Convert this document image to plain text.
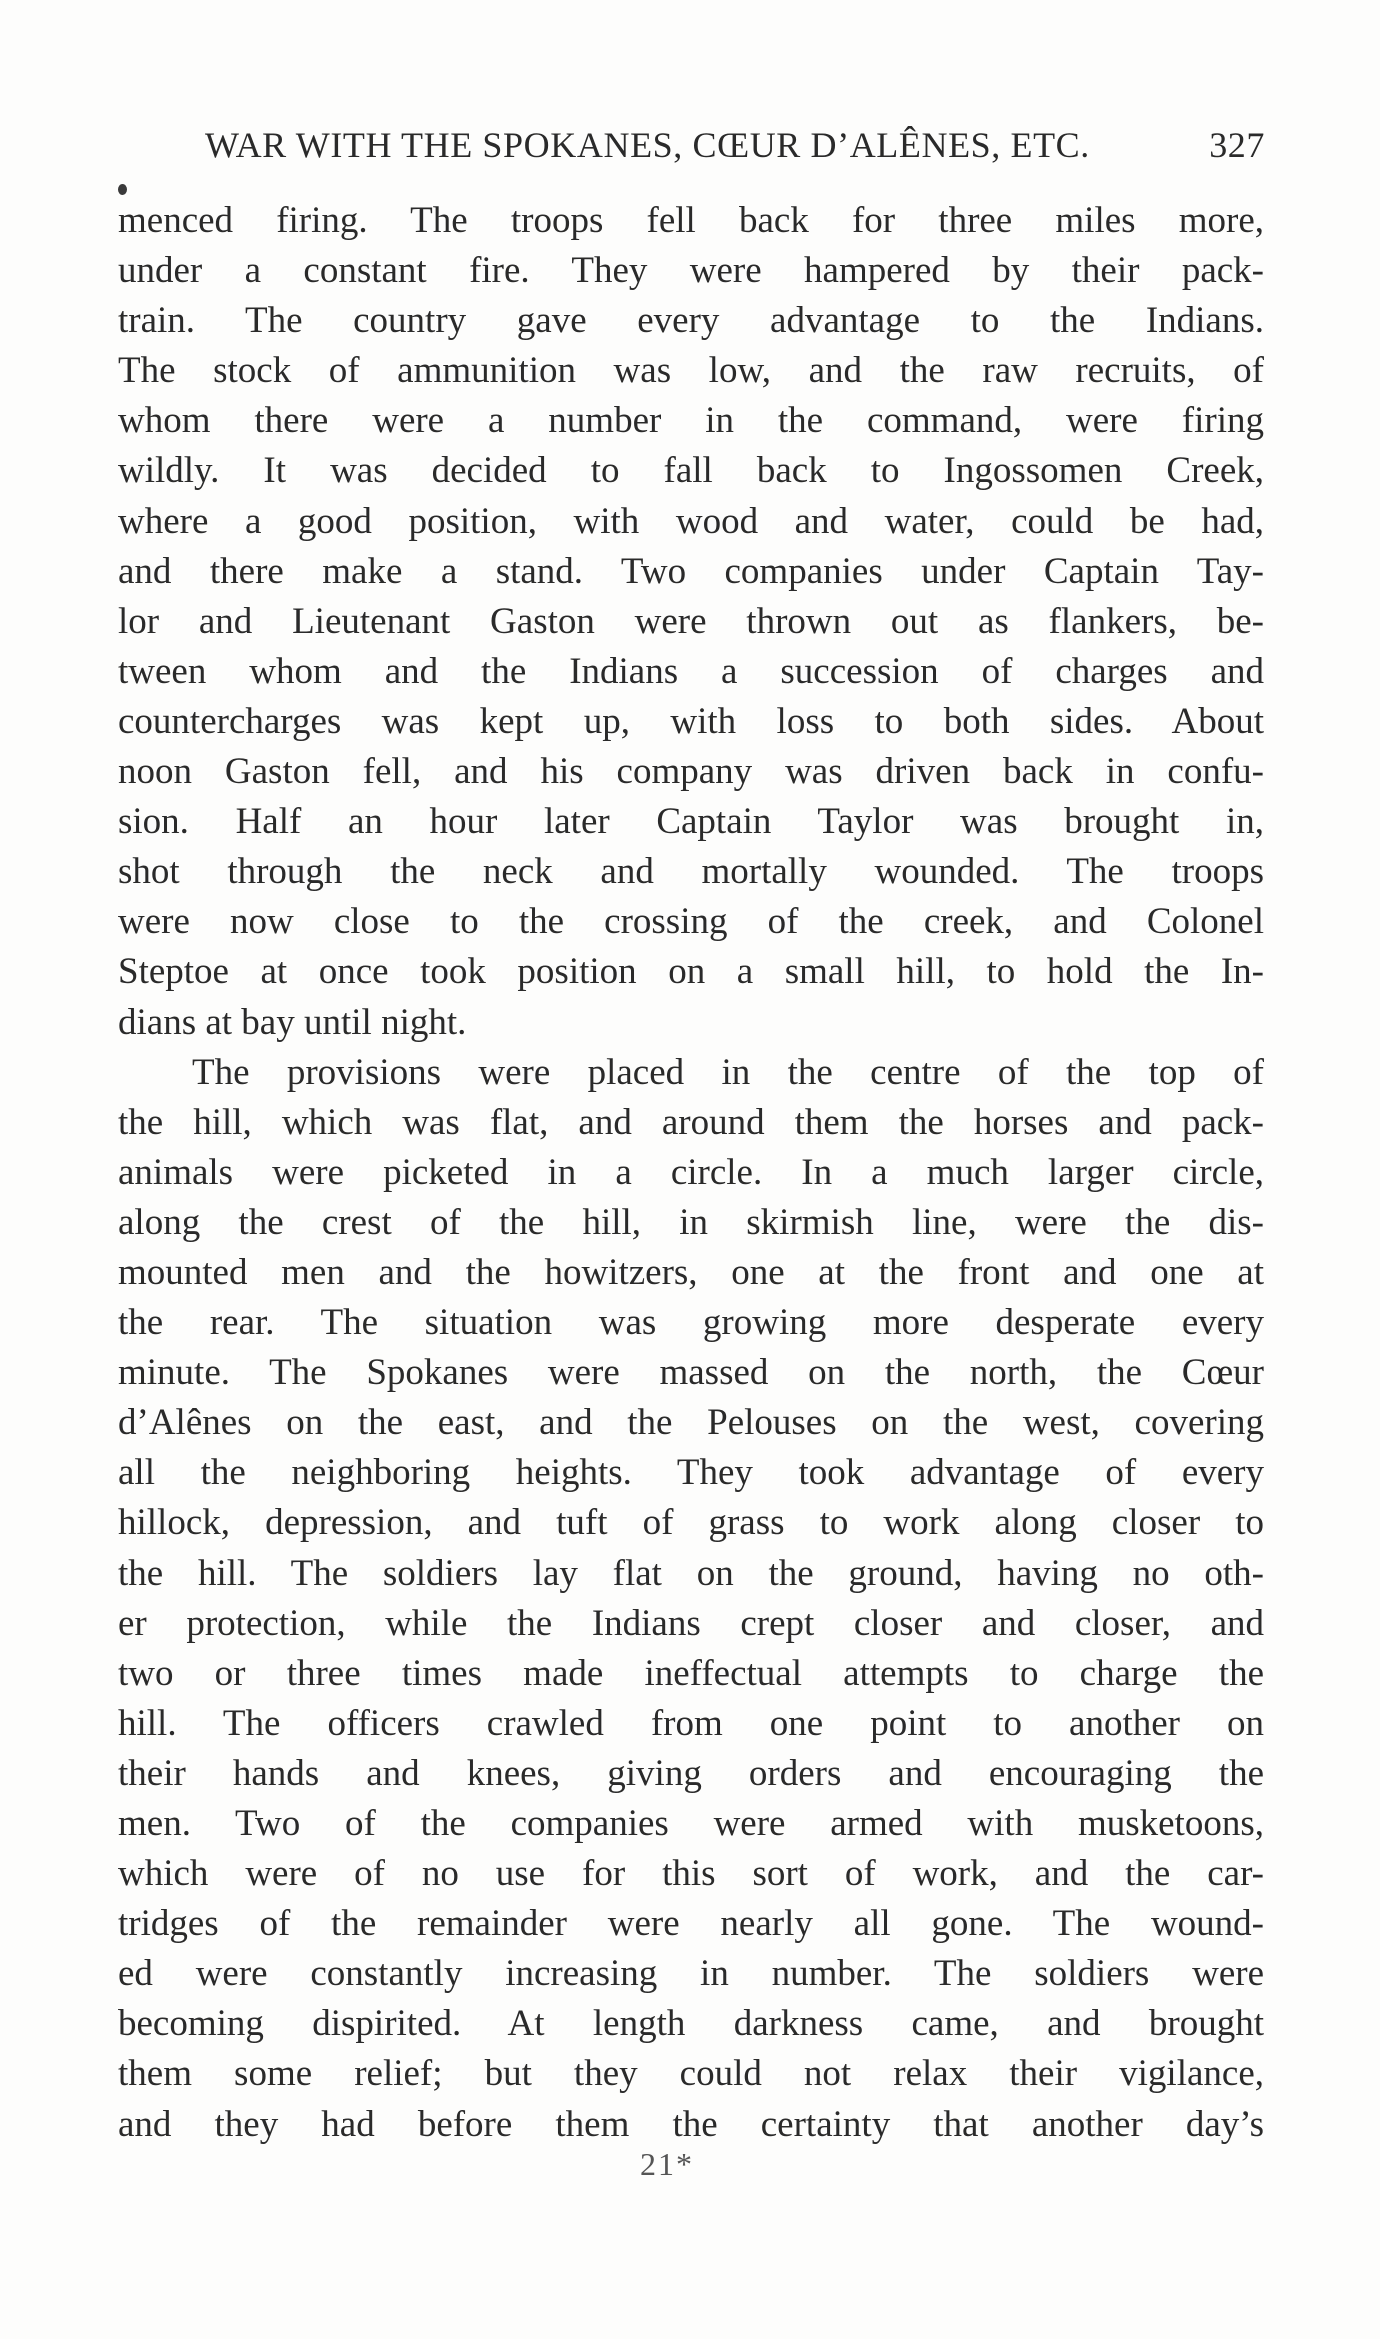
WAR WITH THE SPOKANES, CŒUR D’ALÊNES, ETC.	327
menced firing. The troops fell back for three miles more,
under a constant fire. They were hampered by their pack-
train. The country gave every advantage to the Indians.
The stock of ammunition was low, and the raw recruits, of
whom there were a number in the command, were firing
wildly. It was decided to fall back to Ingossomen Creek,
where a good position, with wood and water, could be had,
and there make a stand. Two companies under Captain Tay-
lor and Lieutenant Gaston were thrown out as flankers, be-
tween whom and the Indians a succession of charges and
countercharges was kept up, with loss to both sides. About
noon Gaston fell, and his company was driven back in confu-
sion. Half an hour later Captain Taylor was brought in,
shot through the neck and mortally wounded. The troops
were now close to the crossing of the creek, and Colonel
Steptoe at once took position on a small hill, to hold the In-
dians at bay until night.
The provisions were placed in the centre of the top of
the hill, which was flat, and around them the horses and pack-
animals were picketed in a circle. In a much larger circle,
along the crest of the hill, in skirmish line, were the dis-
mounted men and the howitzers, one at the front and one at
the rear. The situation was growing more desperate every
minute. The Spokanes were massed on the north, the Cœur
d’Alênes on the east, and the Pelouses on the west, covering
all the neighboring heights. They took advantage of every
hillock, depression, and tuft of grass to work along closer to
the hill. The soldiers lay flat on the ground, having no oth-
er protection, while the Indians crept closer and closer, and
two or three times made ineffectual attempts to charge the
hill. The officers crawled from one point to another on
their hands and knees, giving orders and encouraging the
men. Two of the companies were armed with musketoons,
which were of no use for this sort of work, and the car-
tridges of the remainder were nearly all gone. The wound-
ed were constantly increasing in number. The soldiers were
becoming dispirited. At length darkness came, and brought
them some relief; but they could not relax their vigilance,
and they had before them the certainty that another day’s
21*
